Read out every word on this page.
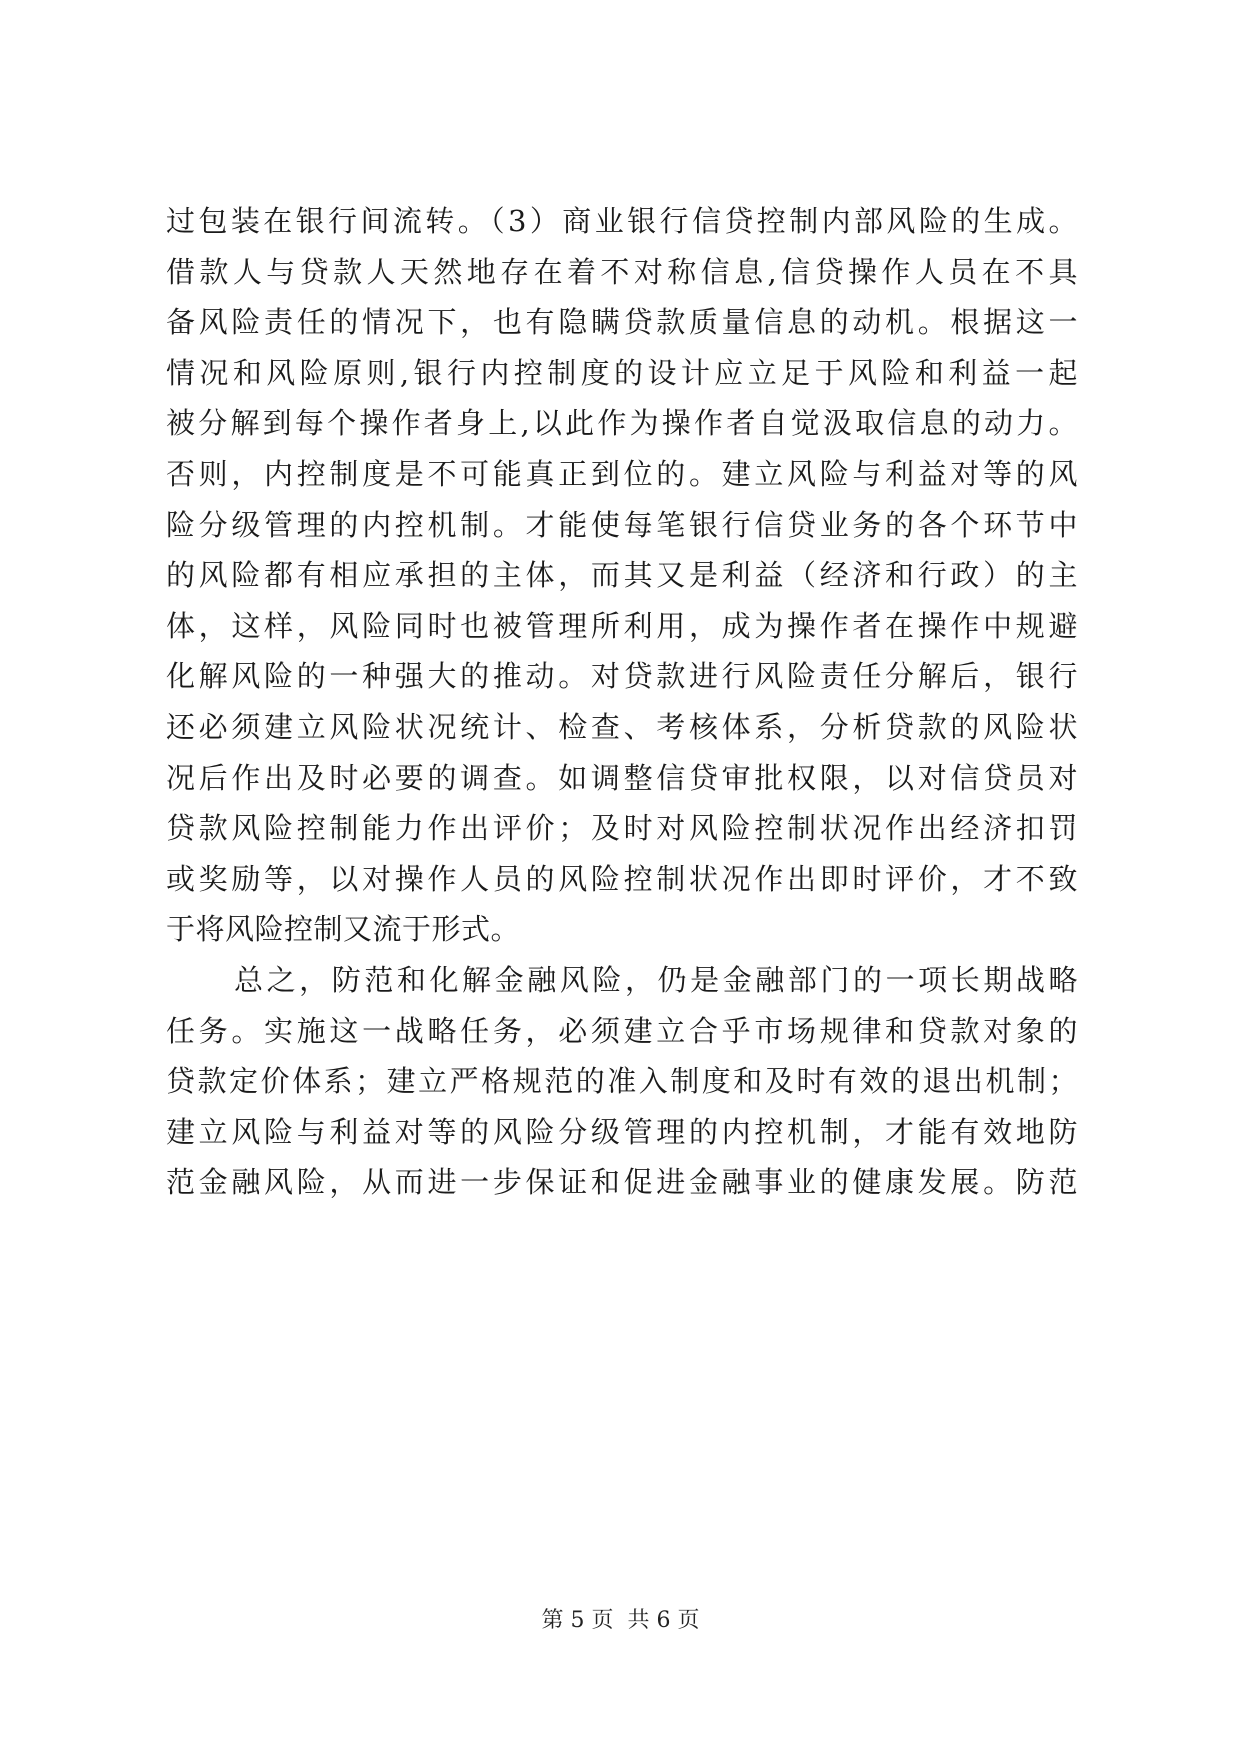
过包装在银行间流转。（3）商业银行信贷控制内部风险的生成。
借款人与贷款人天然地存在着不对称信息,信贷操作人员在不具
备风险责任的情况下，也有隐瞒贷款质量信息的动机。根据这一
情况和风险原则,银行内控制度的设计应立足于风险和利益一起
被分解到每个操作者身上,以此作为操作者自觉汲取信息的动力。
否则，内控制度是不可能真正到位的。建立风险与利益对等的风
险分级管理的内控机制。才能使每笔银行信贷业务的各个环节中
的风险都有相应承担的主体，而其又是利益（经济和行政）的主
体，这样，风险同时也被管理所利用，成为操作者在操作中规避
化解风险的一种强大的推动。对贷款进行风险责任分解后，银行
还必须建立风险状况统计、检查、考核体系，分析贷款的风险状
况后作出及时必要的调查。如调整信贷审批权限，以对信贷员对
贷款风险控制能力作出评价；及时对风险控制状况作出经济扣罚
或奖励等，以对操作人员的风险控制状况作出即时评价，才不致
于将风险控制又流于形式。
总之，防范和化解金融风险，仍是金融部门的一项长期战略
任务。实施这一战略任务，必须建立合乎市场规律和贷款对象的
贷款定价体系；建立严格规范的准入制度和及时有效的退出机制；
建立风险与利益对等的风险分级管理的内控机制，才能有效地防
范金融风险，从而进一步保证和促进金融事业的健康发展。防范
第 5 页  共 6 页
